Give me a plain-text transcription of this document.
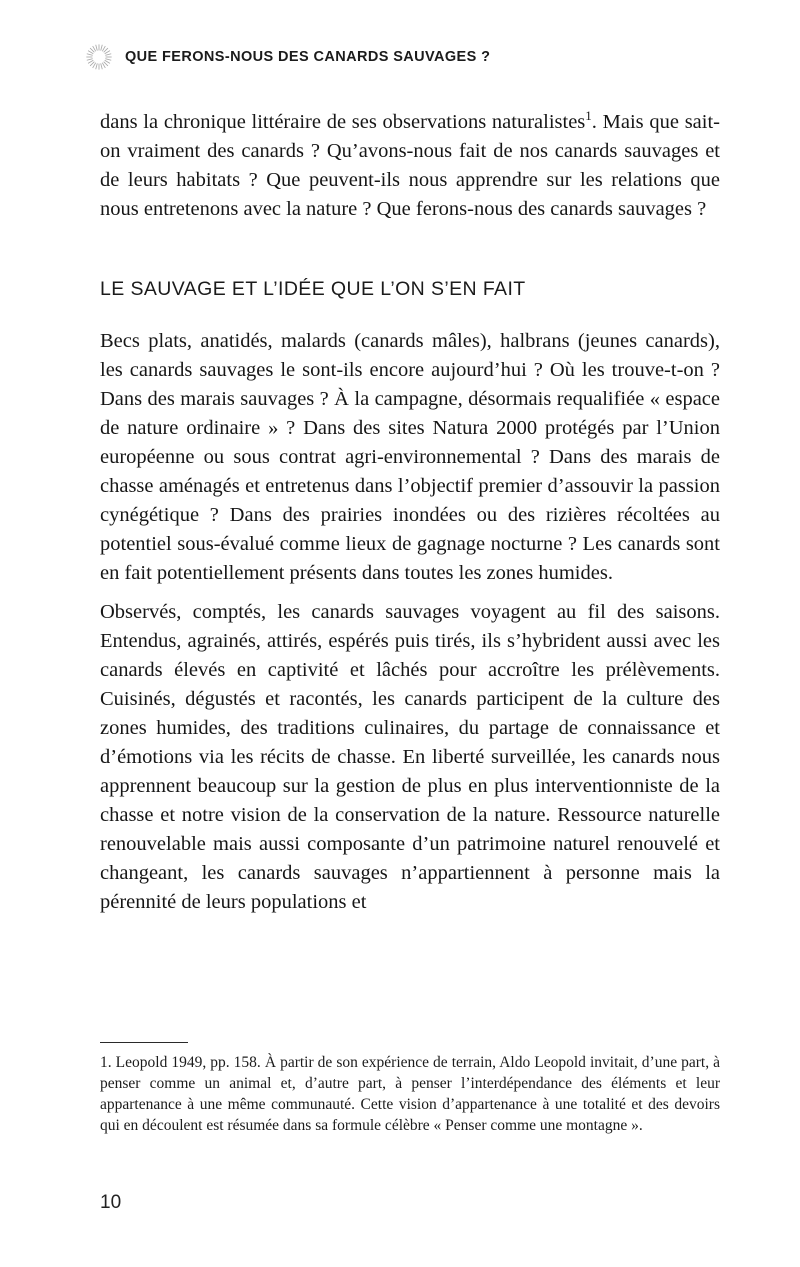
QUE FERONS-NOUS DES CANARDS SAUVAGES ?

dans la chronique littéraire de ses observations naturalistes$^1$. Mais que sait-on vraiment des canards ? Qu’avons-nous fait de nos canards sauvages et de leurs habitats ? Que peuvent-ils nous apprendre sur les relations que nous entretenons avec la nature ? Que ferons-nous des canards sauvages ?

LE SAUVAGE ET L’IDÉE QUE L’ON S’EN FAIT

Becs plats, anatidés, malards (canards mâles), halbrans (jeunes canards), les canards sauvages le sont-ils encore aujourd’hui ? Où les trouve-t-on ? Dans des marais sauvages ? À la campagne, désormais requalifiée « espace de nature ordinaire » ? Dans des sites Natura 2000 protégés par l’Union européenne ou sous contrat agri-environnemental ? Dans des marais de chasse aménagés et entretenus dans l’objectif premier d’assouvir la passion cynégétique ? Dans des prairies inondées ou des rizières récoltées au potentiel sous-évalué comme lieux de gagnage nocturne ? Les canards sont en fait potentiellement présents dans toutes les zones humides.

Observés, comptés, les canards sauvages voyagent au fil des saisons. Entendus, agrainés, attirés, espérés puis tirés, ils s’hybrident aussi avec les canards élevés en captivité et lâchés pour accroître les prélèvements. Cuisinés, dégustés et racontés, les canards participent de la culture des zones humides, des traditions culinaires, du partage de connaissance et d’émotions via les récits de chasse. En liberté surveillée, les canards nous apprennent beaucoup sur la gestion de plus en plus interventionniste de la chasse et notre vision de la conservation de la nature. Ressource naturelle renouvelable mais aussi composante d’un patrimoine naturel renouvelé et changeant, les canards sauvages n’appartiennent à personne mais la pérennité de leurs populations et

1. Leopold 1949, pp. 158. À partir de son expérience de terrain, Aldo Leopold invitait, d’une part, à penser comme un animal et, d’autre part, à penser l’interdépendance des éléments et leur appartenance à une même communauté. Cette vision d’appartenance à une totalité et des devoirs qui en découlent est résumée dans sa formule célèbre « Penser comme une montagne ».

10
